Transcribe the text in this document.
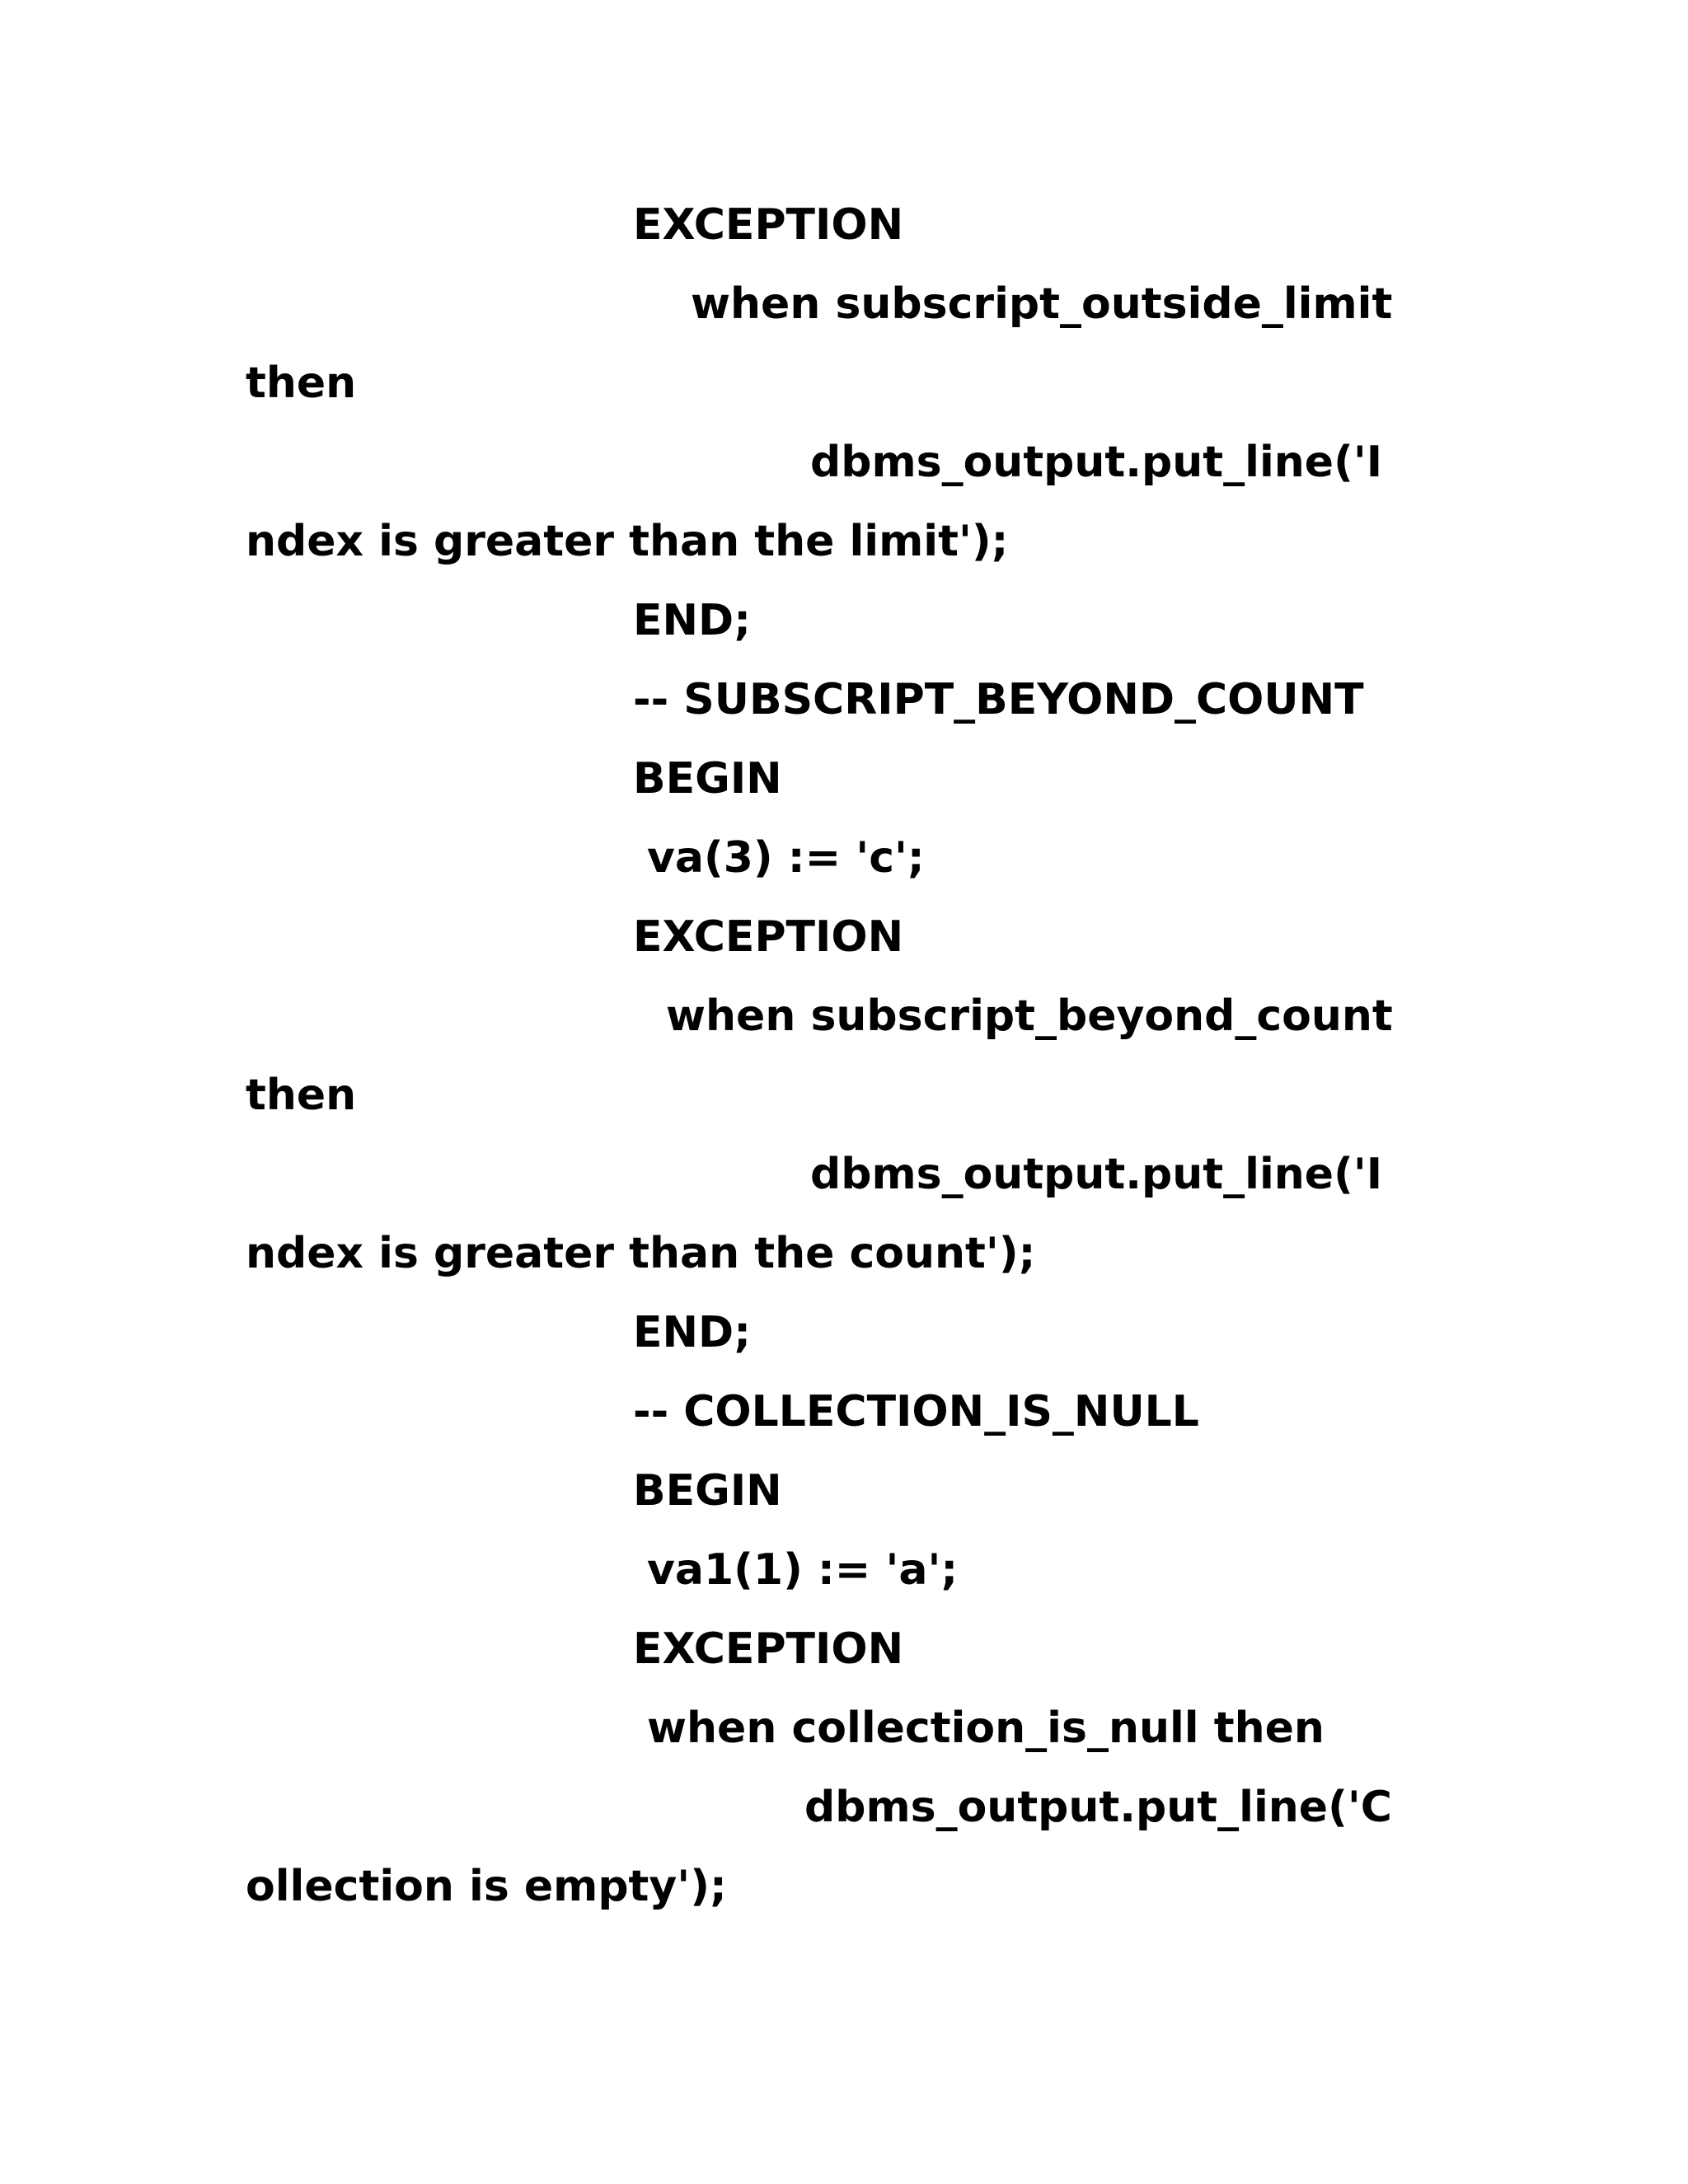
EXCEPTION
when subscript_outside_limit
then
dbms_output.put_line('I
ndex is greater than the limit');
END;
-- SUBSCRIPT_BEYOND_COUNT
BEGIN
va(3) := 'c';
EXCEPTION
when subscript_beyond_count
then
dbms_output.put_line('I
ndex is greater than the count');
END;
-- COLLECTION_IS_NULL
BEGIN
va1(1) := 'a';
EXCEPTION
when collection_is_null then
dbms_output.put_line('C
ollection is empty');
